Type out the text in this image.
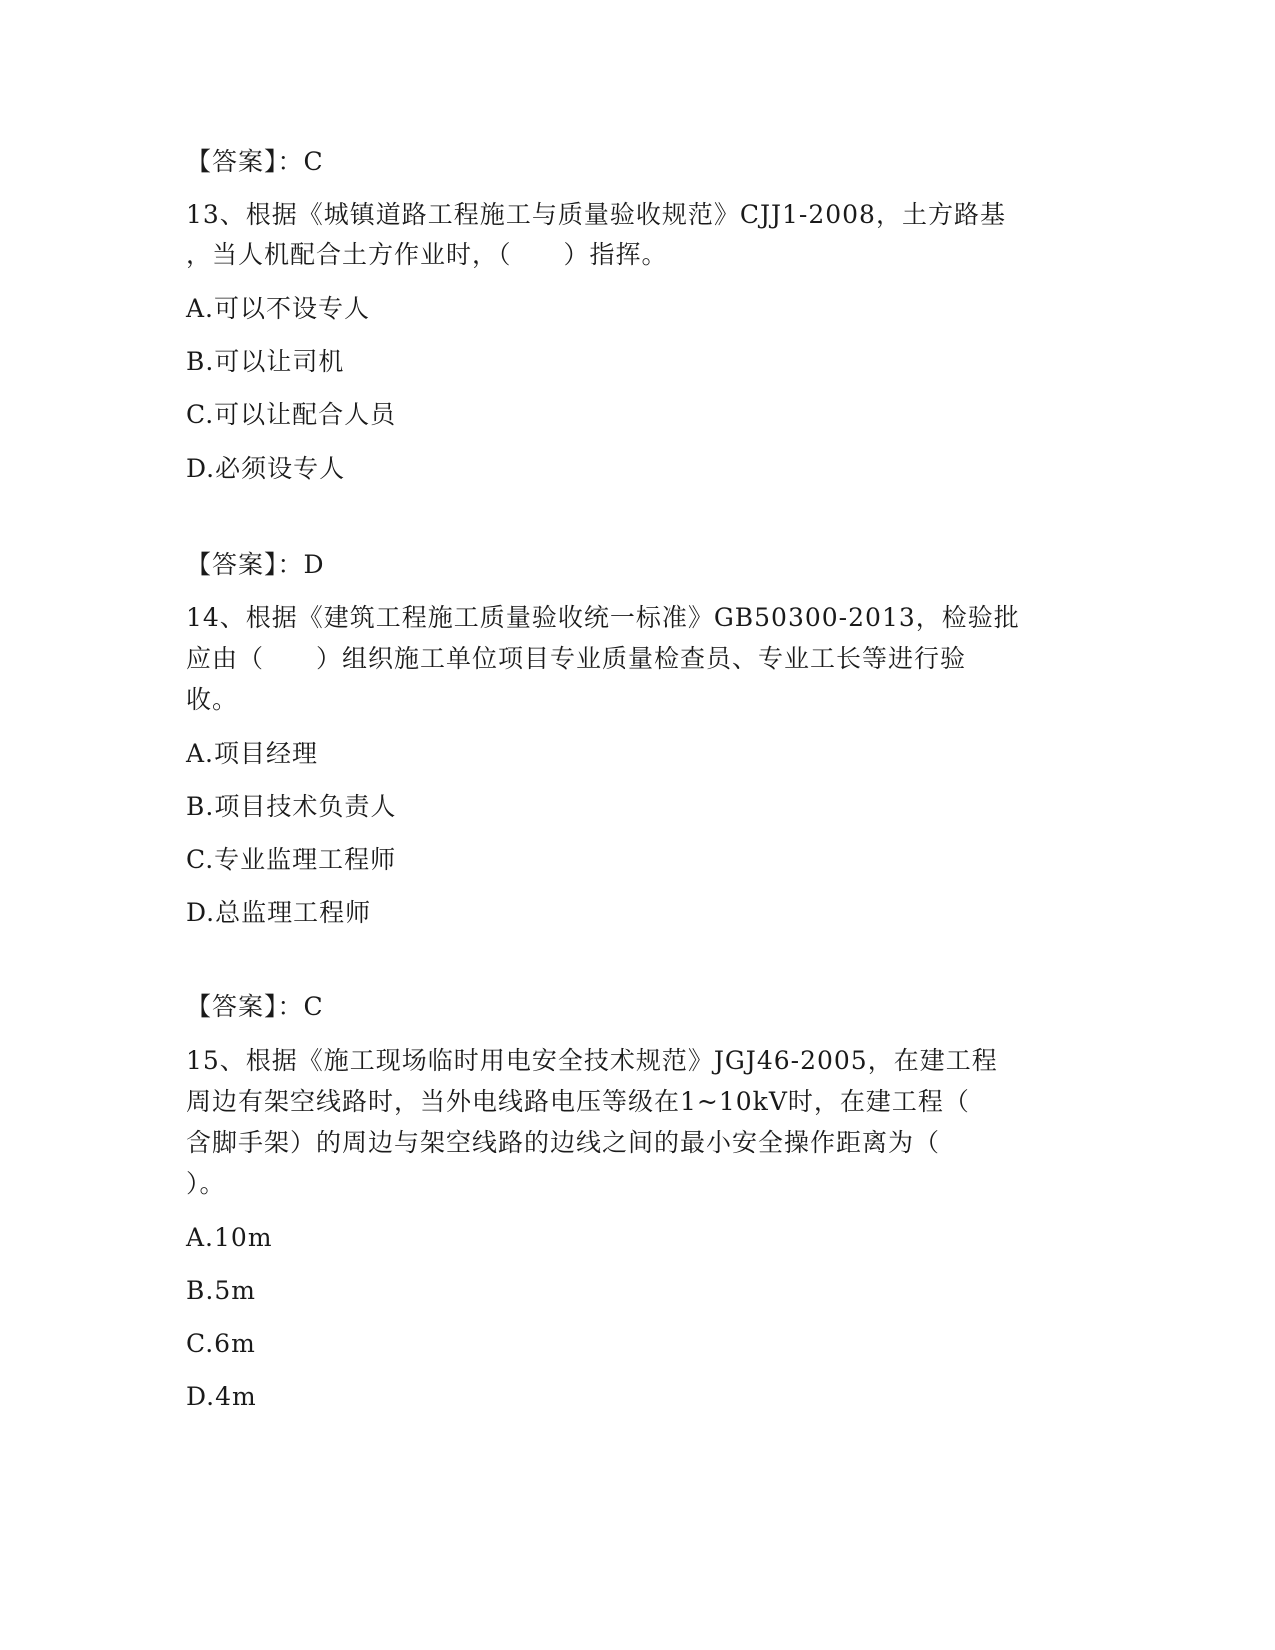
【答案】：C
13、根据《城镇道路工程施工与质量验收规范》CJJ1-2008，土方路基
，当人机配合土方作业时，（　　）指挥。
A.可以不设专人
B.可以让司机
C.可以让配合人员
D.必须设专人
【答案】：D
14、根据《建筑工程施工质量验收统一标准》GB50300-2013，检验批
应由（　　）组织施工单位项目专业质量检查员、专业工长等进行验
收。
A.项目经理
B.项目技术负责人
C.专业监理工程师
D.总监理工程师
【答案】：C
15、根据《施工现场临时用电安全技术规范》JGJ46-2005，在建工程
周边有架空线路时，当外电线路电压等级在1~10kV时，在建工程（
含脚手架）的周边与架空线路的边线之间的最小安全操作距离为（
）。
A.10m
B.5m
C.6m
D.4m
